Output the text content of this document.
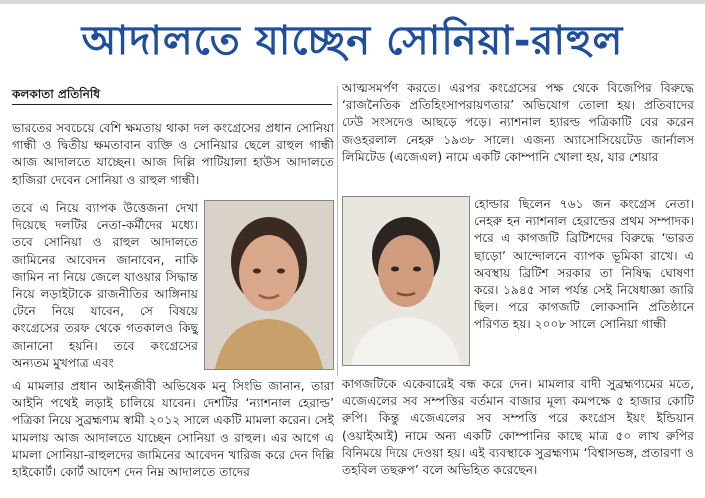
আদালতে যাচ্ছেন সোনিয়া-রাহুল
কলকাতা প্রতিনিধি

ভারতের সবচেয়ে বেশি ক্ষমতায় থাকা দল কংগ্রেসের প্রধান সোনিয়া গান্ধী ও দ্বিতীয় ক্ষমতাবান ব্যক্তি ও সোনিয়ার ছেলে রাহুল গান্ধী আজ আদালতে যাচ্ছেন। আজ দিল্লি পাটিয়ালা হাউস আদালতে হাজিরা দেবেন সোনিয়া ও রাহুল গান্ধী।

তবে এ নিয়ে ব্যাপক উত্তেজনা দেখা দিয়েছে দলটির নেতা-কর্মীদের মধ্যে। তবে সোনিয়া ও রাহুল আদালতে জামিনের আবেদন জানাবেন, নাকি জামিন না নিয়ে জেলে যাওয়ার সিদ্ধান্ত নিয়ে লড়াইটাকে রাজনীতির আঙ্গিনায় টেনে নিয়ে যাবেন, সে বিষয়ে কংগ্রেসের তরফ থেকে গতকালও কিছু জানানো হয়নি। তবে কংগ্রেসের অন্যতম মুখপাত্র এবং

এ মামলার প্রধান আইনজীবী অভিষেক মনু সিংভি জানান, তারা আইনি পথেই লড়াই চালিয়ে যাবেন। দেশটির ‘ন্যাশনাল হেরাল্ড’ পত্রিকা নিয়ে সুব্রহ্মণ্যম স্বামী ২০১২ সালে একটি মামলা করেন। সেই মামলায় আজ আদালতে যাচ্ছেন সোনিয়া ও রাহুল। এর আগে এ মামলা সোনিয়া-রাহুলদের জামিনের আবেদন খারিজ করে দেন দিল্লি হাইকোর্ট। কোর্ট আদেশ দেন নিম্ন আদালতে তাদের

আত্মসমর্পণ করতে। এরপর কংগ্রেসের পক্ষ থেকে বিজেপির বিরুদ্ধে ‘রাজনৈতিক প্রতিহিংসাপরায়ণতার’ অভিযোগ তোলা হয়। প্রতিবাদের ঢেউ সংসদেও আছড়ে পড়ে। ন্যাশনাল হ্যারল্ড পত্রিকাটি বের করেন জওহরলাল নেহরু ১৯৩৮ সালে। এজন্য অ্যাসোসিয়েটেড জার্নালস লিমিটেড (এজেএল) নামে একটি কোম্পানি খোলা হয়, যার শেয়ার

হোল্ডার ছিলেন ৭৬১ জন কংগ্রেস নেতা। নেহরু হন ন্যাশনাল হেরাল্ডের প্রথম সম্পাদক। পরে এ কাগজটি ব্রিটিশদের বিরুদ্ধে ‘ভারত ছাড়ো’ আন্দোলনে ব্যাপক ভূমিকা রাখে। এ অবস্থায় ব্রিটিশ সরকার তা নিষিদ্ধ ঘোষণা করে। ১৯৪৫ সাল পর্যন্ত সেই নিষেধাজ্ঞা জারি ছিল। পরে কাগজটি লোকসানি প্রতিষ্ঠানে পরিণত হয়। ২০০৮ সালে সোনিয়া গান্ধী

কাগজটিকে একেবারেই বন্ধ করে দেন। মামলার বাদী সুব্রহ্মণ্যমের মতে, এজেএলের সব সম্পত্তির বর্তমান বাজার মূল্য কমপক্ষে ৫ হাজার কোটি রুপি। কিন্তু এজেএলের সব সম্পত্তি পরে কংগ্রেস ইয়ং ইন্ডিয়ান (ওয়াইআই) নামে অন্য একটি কোম্পানির কাছে মাত্র ৫০ লাখ রুপির বিনিময়ে দিয়ে দেওয়া হয়। এই ব্যবস্থাকে সুব্রহ্মণ্যম ‘বিশ্বাসভঙ্গ, প্রতারণা ও তহবিল তছরুপ’ বলে অভিহিত করেছেন।
